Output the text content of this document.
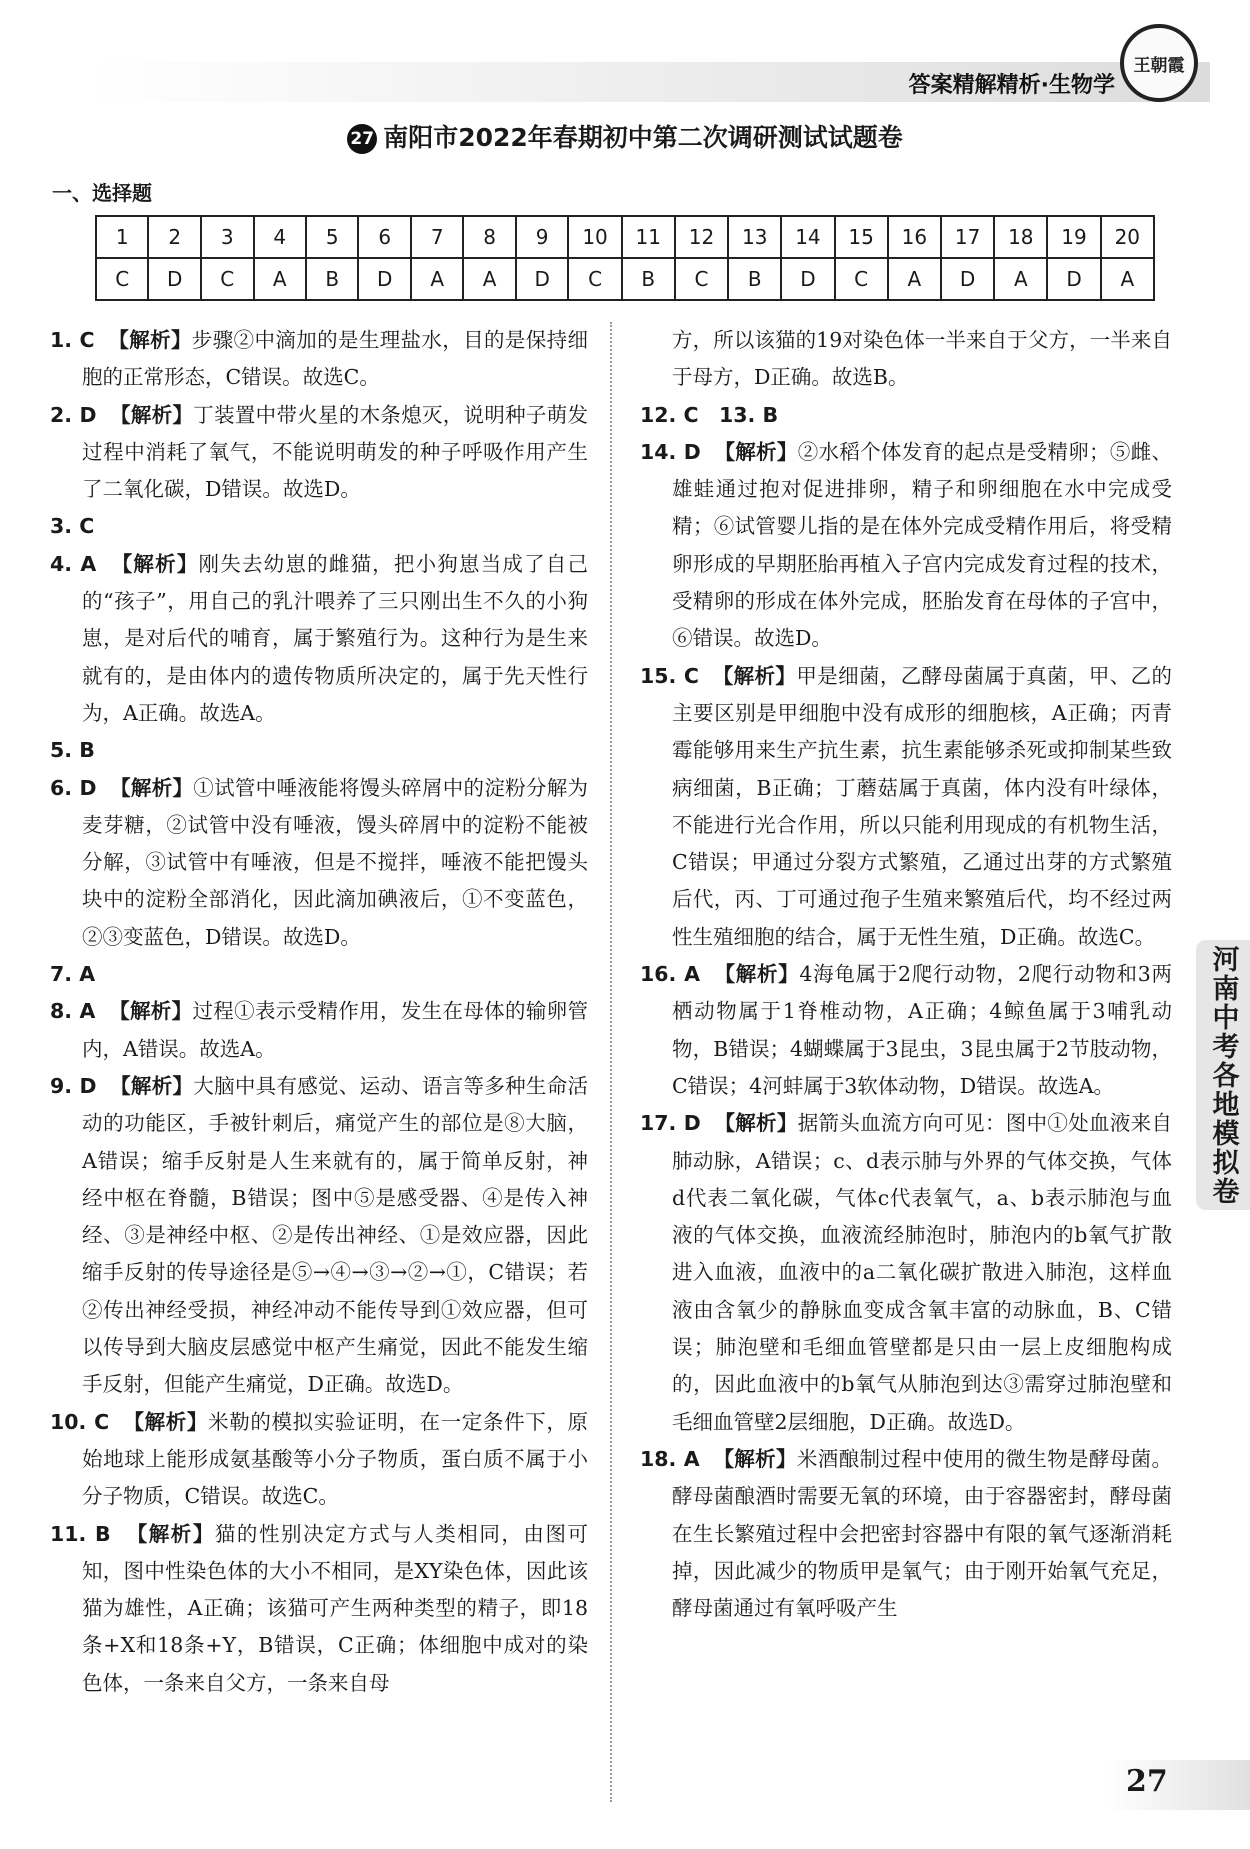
答案精解精析·生物学
王朝霞
27 南阳市2022年春期初中第二次调研测试试题卷
一、选择题
1	2	3	4	5	6	7	8	9	10	11	12	13	14	15	16	17	18	19	20
C	D	C	A	B	D	A	A	D	C	B	C	B	D	C	A	D	A	D	A

1. C 【解析】步骤②中滴加的是生理盐水，目的是保持细胞的正常形态，C错误。故选C。

2. D 【解析】丁装置中带火星的木条熄灭，说明种子萌发过程中消耗了氧气，不能说明萌发的种子呼吸作用产生了二氧化碳，D错误。故选D。

3. C

4. A 【解析】刚失去幼崽的雌猫，把小狗崽当成了自己的“孩子”，用自己的乳汁喂养了三只刚出生不久的小狗崽，是对后代的哺育，属于繁殖行为。这种行为是生来就有的，是由体内的遗传物质所决定的，属于先天性行为，A正确。故选A。

5. B

6. D 【解析】①试管中唾液能将馒头碎屑中的淀粉分解为麦芽糖，②试管中没有唾液，馒头碎屑中的淀粉不能被分解，③试管中有唾液，但是不搅拌，唾液不能把馒头块中的淀粉全部消化，因此滴加碘液后，①不变蓝色，②③变蓝色，D错误。故选D。

7. A

8. A 【解析】过程①表示受精作用，发生在母体的输卵管内，A错误。故选A。

9. D 【解析】大脑中具有感觉、运动、语言等多种生命活动的功能区，手被针刺后，痛觉产生的部位是⑧大脑，A错误；缩手反射是人生来就有的，属于简单反射，神经中枢在脊髓，B错误；图中⑤是感受器、④是传入神经、③是神经中枢、②是传出神经、①是效应器，因此缩手反射的传导途径是⑤→④→③→②→①，C错误；若②传出神经受损，神经冲动不能传导到①效应器，但可以传导到大脑皮层感觉中枢产生痛觉，因此不能发生缩手反射，但能产生痛觉，D正确。故选D。

10. C 【解析】米勒的模拟实验证明，在一定条件下，原始地球上能形成氨基酸等小分子物质，蛋白质不属于小分子物质，C错误。故选C。

11. B 【解析】猫的性别决定方式与人类相同，由图可知，图中性染色体的大小不相同，是XY染色体，因此该猫为雄性，A正确；该猫可产生两种类型的精子，即18条+X和18条+Y，B错误，C正确；体细胞中成对的染色体，一条来自父方，一条来自母

方，所以该猫的19对染色体一半来自于父方，一半来自于母方，D正确。故选B。

12. C　13. B

14. D 【解析】②水稻个体发育的起点是受精卵；⑤雌、雄蛙通过抱对促进排卵，精子和卵细胞在水中完成受精；⑥试管婴儿指的是在体外完成受精作用后，将受精卵形成的早期胚胎再植入子宫内完成发育过程的技术，受精卵的形成在体外完成，胚胎发育在母体的子宫中，⑥错误。故选D。

15. C 【解析】甲是细菌，乙酵母菌属于真菌，甲、乙的主要区别是甲细胞中没有成形的细胞核，A正确；丙青霉能够用来生产抗生素，抗生素能够杀死或抑制某些致病细菌，B正确；丁蘑菇属于真菌，体内没有叶绿体，不能进行光合作用，所以只能利用现成的有机物生活，C错误；甲通过分裂方式繁殖，乙通过出芽的方式繁殖后代，丙、丁可通过孢子生殖来繁殖后代，均不经过两性生殖细胞的结合，属于无性生殖，D正确。故选C。

16. A 【解析】4海龟属于2爬行动物，2爬行动物和3两栖动物属于1脊椎动物，A正确；4鲸鱼属于3哺乳动物，B错误；4蝴蝶属于3昆虫，3昆虫属于2节肢动物，C错误；4河蚌属于3软体动物，D错误。故选A。

17. D 【解析】据箭头血流方向可见：图中①处血液来自肺动脉，A错误；c、d表示肺与外界的气体交换，气体d代表二氧化碳，气体c代表氧气，a、b表示肺泡与血液的气体交换，血液流经肺泡时，肺泡内的b氧气扩散进入血液，血液中的a二氧化碳扩散进入肺泡，这样血液由含氧少的静脉血变成含氧丰富的动脉血，B、C错误；肺泡壁和毛细血管壁都是只由一层上皮细胞构成的，因此血液中的b氧气从肺泡到达③需穿过肺泡壁和毛细血管壁2层细胞，D正确。故选D。

18. A 【解析】米酒酿制过程中使用的微生物是酵母菌。酵母菌酿酒时需要无氧的环境，由于容器密封，酵母菌在生长繁殖过程中会把密封容器中有限的氧气逐渐消耗掉，因此减少的物质甲是氧气；由于刚开始氧气充足，酵母菌通过有氧呼吸产生

河南中考各地模拟卷
27
